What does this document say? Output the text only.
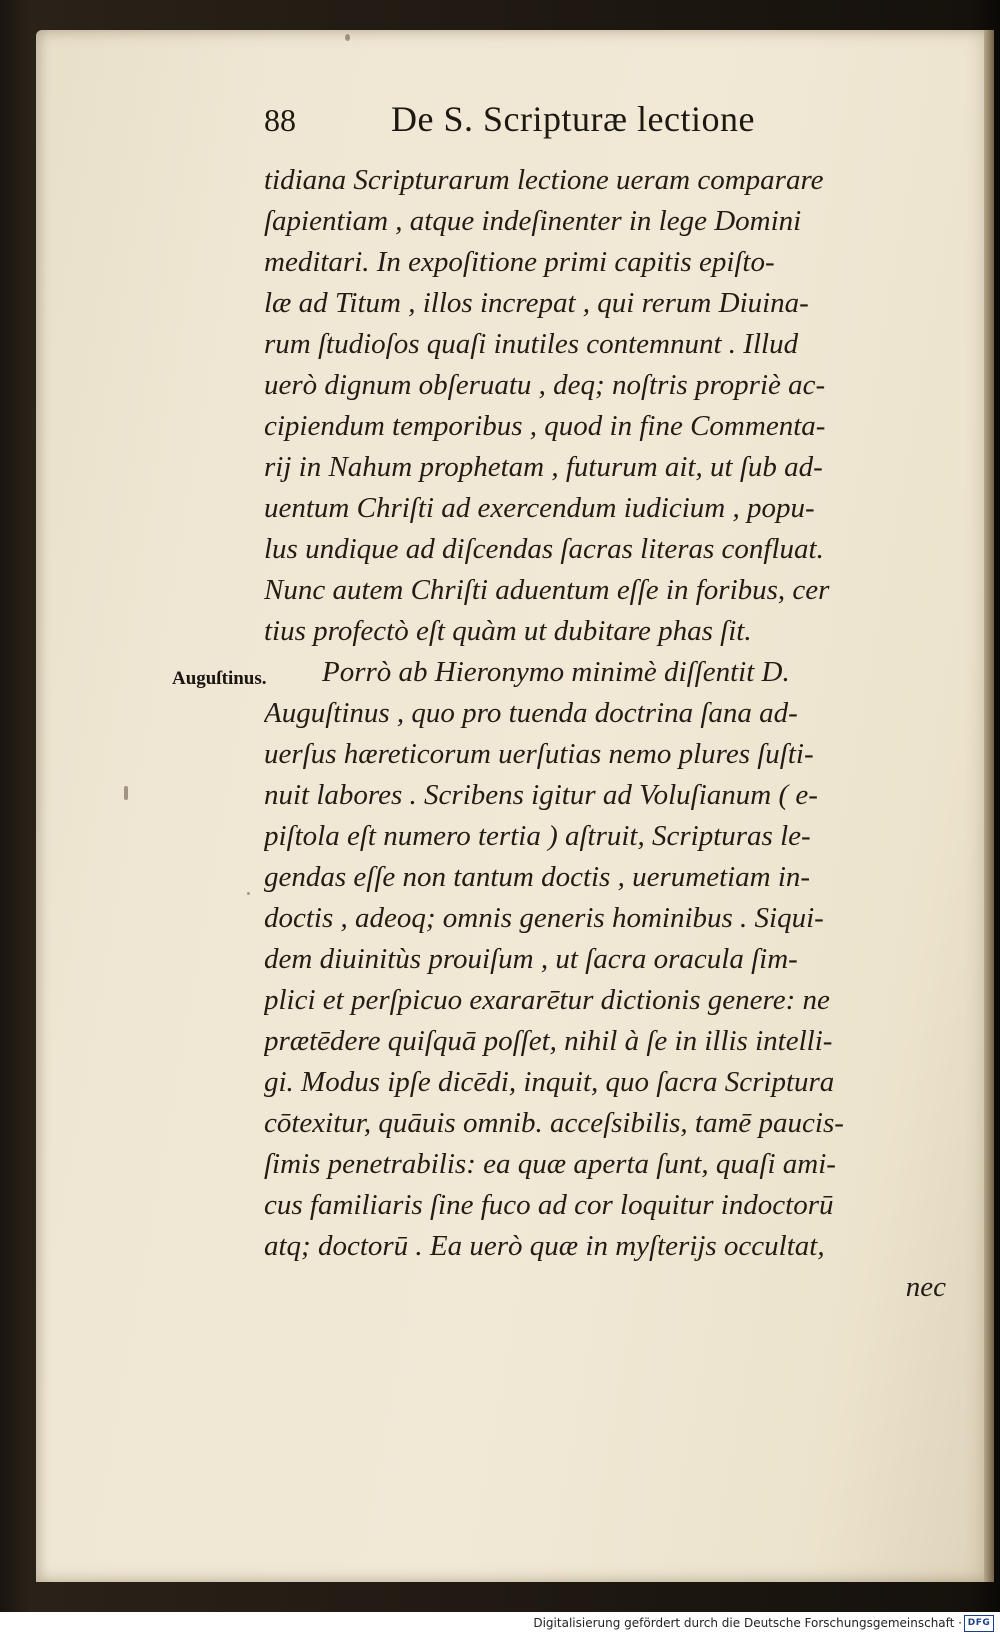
88	De S. Scripturæ lectione
Auguſtinus.
tidiana Scripturarum lectione ueram comparare
ſapientiam , atque indeſinenter in lege Domini
meditari. In expoſitione primi capitis epiſto-
læ ad Titum , illos increpat , qui rerum Diuina-
rum ſtudioſos quaſi inutiles contemnunt . Illud
uerò dignum obſeruatu , deq; noſtris propriè ac-
cipiendum temporibus , quod in fine Commenta-
rij in Nahum prophetam , futurum ait, ut ſub ad-
uentum Chriſti ad exercendum iudicium , popu-
lus undique ad diſcendas ſacras literas confluat.
Nunc autem Chriſti aduentum eſſe in foribus, cer
tius profectò eſt quàm ut dubitare phas ſit.
Porrò ab Hieronymo minimè diſſentit D.
Auguſtinus , quo pro tuenda doctrina ſana ad-
uerſus hæreticorum uerſutias nemo plures ſuſti-
nuit labores . Scribens igitur ad Voluſianum ( e-
piſtola eſt numero tertia ) aſtruit, Scripturas le-
gendas eſſe non tantum doctis , uerumetiam in-
doctis , adeoq; omnis generis hominibus . Siqui-
dem diuinitùs prouiſum , ut ſacra oracula ſim-
plici et perſpicuo exararētur dictionis genere: ne
prætēdere quiſquā poſſet, nihil à ſe in illis intelli-
gi. Modus ipſe dicēdi, inquit, quo ſacra Scriptura
cōtexitur, quāuis omnib. acceſsibilis, tamē paucis-
ſimis penetrabilis: ea quæ aperta ſunt, quaſi ami-
cus familiaris ſine fuco ad cor loquitur indoctorū
atq; doctorū . Ea uerò quæ in myſterijs occultat,
nec
Digitalisierung gefördert durch die Deutsche Forschungsgemeinschaft · DFG
